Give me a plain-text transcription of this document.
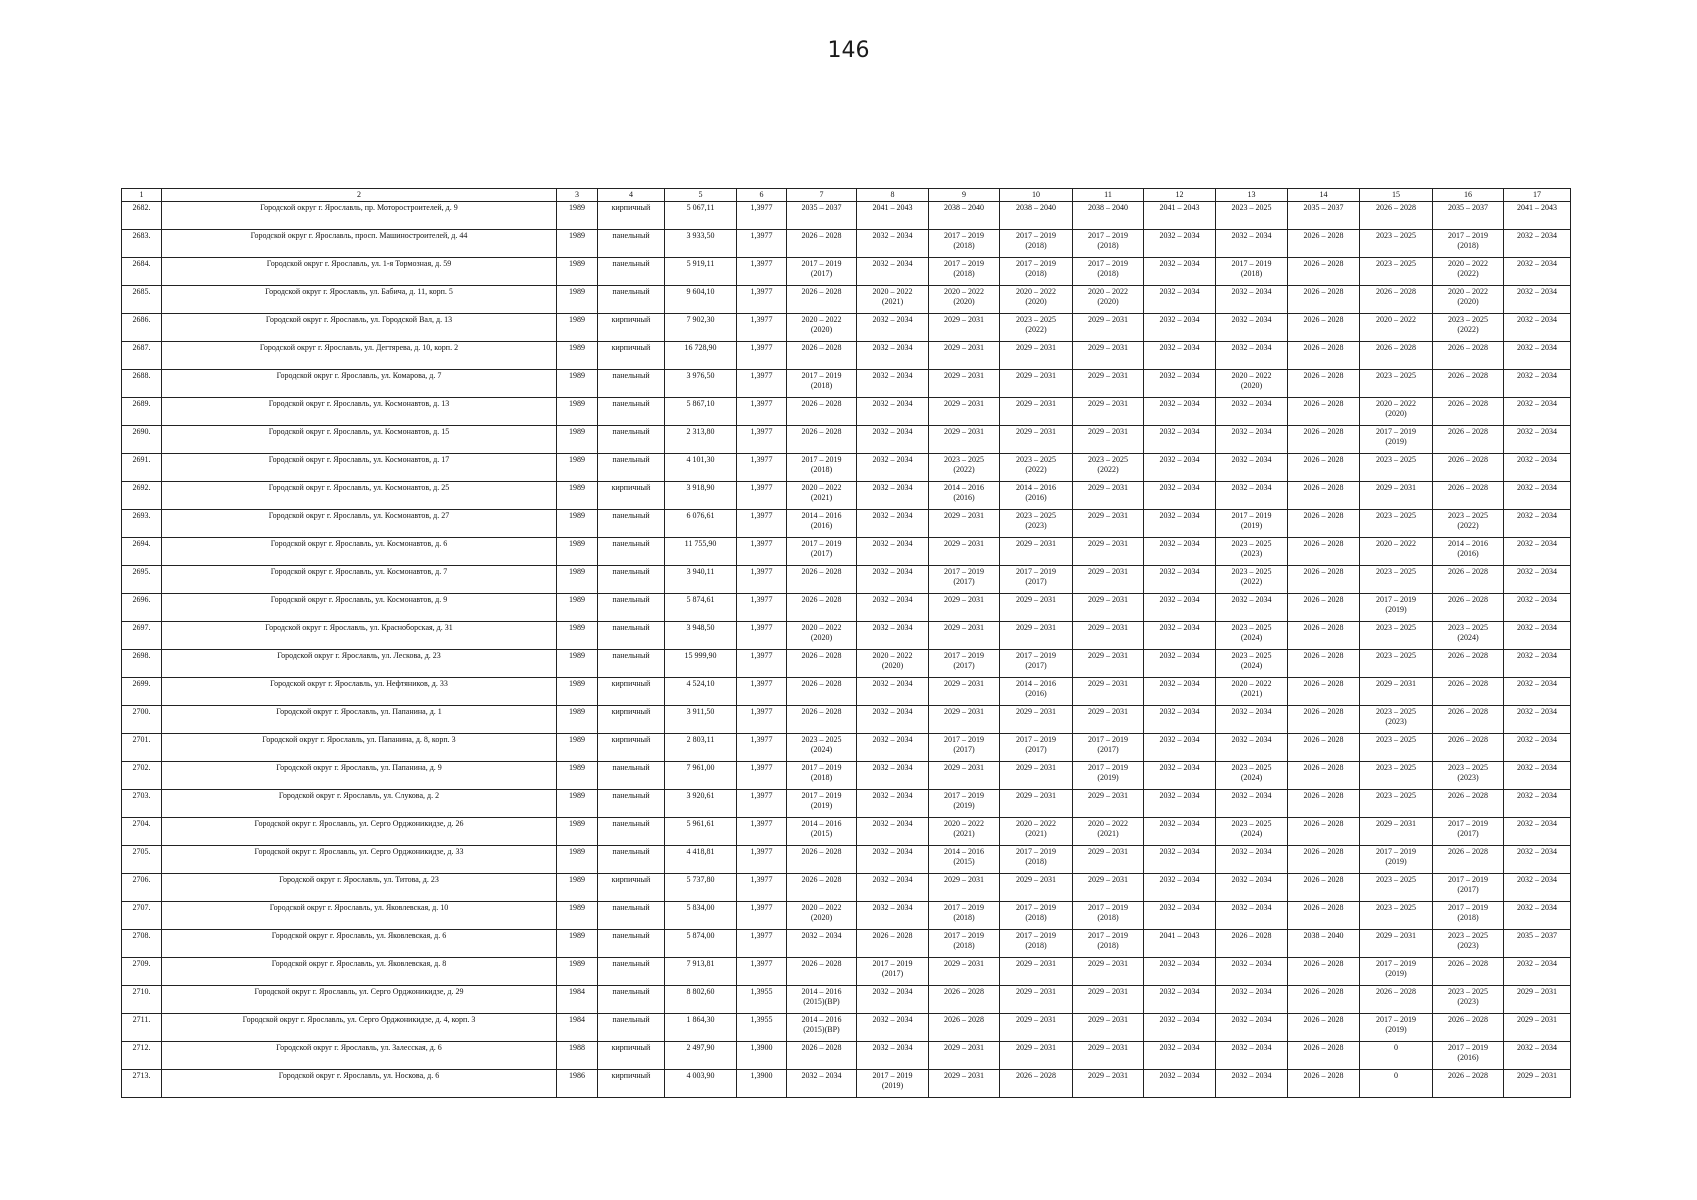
146
1	2	3	4	5	6	7	8	9	10	11	12	13	14	15	16	17

2682.	Городской округ г. Ярославль, пр. Моторостроителей, д. 9	1989	кирпичный	5 067,11	1,3977	2035 – 2037	2041 – 2043	2038 – 2040	2038 – 2040	2038 – 2040	2041 – 2043	2023 – 2025	2035 – 2037	2026 – 2028	2035 – 2037	2041 – 2043

2683.	Городской округ г. Ярославль, просп. Машиностроителей, д. 44	1989	панельный	3 933,50	1,3977	2026 – 2028	2032 – 2034	2017 – 2019
(2018)	2017 – 2019
(2018)	2017 – 2019
(2018)	2032 – 2034	2032 – 2034	2026 – 2028	2023 – 2025	2017 – 2019
(2018)	2032 – 2034

2684.	Городской округ г. Ярославль, ул. 1-я Тормозная, д. 59	1989	панельный	5 919,11	1,3977	2017 – 2019
(2017)	2032 – 2034	2017 – 2019
(2018)	2017 – 2019
(2018)	2017 – 2019
(2018)	2032 – 2034	2017 – 2019
(2018)	2026 – 2028	2023 – 2025	2020 – 2022
(2022)	2032 – 2034

2685.	Городской округ г. Ярославль, ул. Бабича, д. 11, корп. 5	1989	панельный	9 604,10	1,3977	2026 – 2028	2020 – 2022
(2021)	2020 – 2022
(2020)	2020 – 2022
(2020)	2020 – 2022
(2020)	2032 – 2034	2032 – 2034	2026 – 2028	2026 – 2028	2020 – 2022
(2020)	2032 – 2034

2686.	Городской округ г. Ярославль, ул. Городской Вал, д. 13	1989	кирпичный	7 902,30	1,3977	2020 – 2022
(2020)	2032 – 2034	2029 – 2031	2023 – 2025
(2022)	2029 – 2031	2032 – 2034	2032 – 2034	2026 – 2028	2020 – 2022	2023 – 2025
(2022)	2032 – 2034

2687.	Городской округ г. Ярославль, ул. Дегтярева, д. 10, корп. 2	1989	кирпичный	16 728,90	1,3977	2026 – 2028	2032 – 2034	2029 – 2031	2029 – 2031	2029 – 2031	2032 – 2034	2032 – 2034	2026 – 2028	2026 – 2028	2026 – 2028	2032 – 2034

2688.	Городской округ г. Ярославль, ул. Комарова, д. 7	1989	панельный	3 976,50	1,3977	2017 – 2019
(2018)	2032 – 2034	2029 – 2031	2029 – 2031	2029 – 2031	2032 – 2034	2020 – 2022
(2020)	2026 – 2028	2023 – 2025	2026 – 2028	2032 – 2034

2689.	Городской округ г. Ярославль, ул. Космонавтов, д. 13	1989	панельный	5 867,10	1,3977	2026 – 2028	2032 – 2034	2029 – 2031	2029 – 2031	2029 – 2031	2032 – 2034	2032 – 2034	2026 – 2028	2020 – 2022
(2020)	2026 – 2028	2032 – 2034

2690.	Городской округ г. Ярославль, ул. Космонавтов, д. 15	1989	панельный	2 313,80	1,3977	2026 – 2028	2032 – 2034	2029 – 2031	2029 – 2031	2029 – 2031	2032 – 2034	2032 – 2034	2026 – 2028	2017 – 2019
(2019)	2026 – 2028	2032 – 2034

2691.	Городской округ г. Ярославль, ул. Космонавтов, д. 17	1989	панельный	4 101,30	1,3977	2017 – 2019
(2018)	2032 – 2034	2023 – 2025
(2022)	2023 – 2025
(2022)	2023 – 2025
(2022)	2032 – 2034	2032 – 2034	2026 – 2028	2023 – 2025	2026 – 2028	2032 – 2034

2692.	Городской округ г. Ярославль, ул. Космонавтов, д. 25	1989	кирпичный	3 918,90	1,3977	2020 – 2022
(2021)	2032 – 2034	2014 – 2016
(2016)	2014 – 2016
(2016)	2029 – 2031	2032 – 2034	2032 – 2034	2026 – 2028	2029 – 2031	2026 – 2028	2032 – 2034

2693.	Городской округ г. Ярославль, ул. Космонавтов, д. 27	1989	панельный	6 076,61	1,3977	2014 – 2016
(2016)	2032 – 2034	2029 – 2031	2023 – 2025
(2023)	2029 – 2031	2032 – 2034	2017 – 2019
(2019)	2026 – 2028	2023 – 2025	2023 – 2025
(2022)	2032 – 2034

2694.	Городской округ г. Ярославль, ул. Космонавтов, д. 6	1989	панельный	11 755,90	1,3977	2017 – 2019
(2017)	2032 – 2034	2029 – 2031	2029 – 2031	2029 – 2031	2032 – 2034	2023 – 2025
(2023)	2026 – 2028	2020 – 2022	2014 – 2016
(2016)	2032 – 2034

2695.	Городской округ г. Ярославль, ул. Космонавтов, д. 7	1989	панельный	3 940,11	1,3977	2026 – 2028	2032 – 2034	2017 – 2019
(2017)	2017 – 2019
(2017)	2029 – 2031	2032 – 2034	2023 – 2025
(2022)	2026 – 2028	2023 – 2025	2026 – 2028	2032 – 2034

2696.	Городской округ г. Ярославль, ул. Космонавтов, д. 9	1989	панельный	5 874,61	1,3977	2026 – 2028	2032 – 2034	2029 – 2031	2029 – 2031	2029 – 2031	2032 – 2034	2032 – 2034	2026 – 2028	2017 – 2019
(2019)	2026 – 2028	2032 – 2034

2697.	Городской округ г. Ярославль, ул. Красноборская, д. 31	1989	панельный	3 948,50	1,3977	2020 – 2022
(2020)	2032 – 2034	2029 – 2031	2029 – 2031	2029 – 2031	2032 – 2034	2023 – 2025
(2024)	2026 – 2028	2023 – 2025	2023 – 2025
(2024)	2032 – 2034

2698.	Городской округ г. Ярославль, ул. Лескова, д. 23	1989	панельный	15 999,90	1,3977	2026 – 2028	2020 – 2022
(2020)	2017 – 2019
(2017)	2017 – 2019
(2017)	2029 – 2031	2032 – 2034	2023 – 2025
(2024)	2026 – 2028	2023 – 2025	2026 – 2028	2032 – 2034

2699.	Городской округ г. Ярославль, ул. Нефтяников, д. 33	1989	кирпичный	4 524,10	1,3977	2026 – 2028	2032 – 2034	2029 – 2031	2014 – 2016
(2016)	2029 – 2031	2032 – 2034	2020 – 2022
(2021)	2026 – 2028	2029 – 2031	2026 – 2028	2032 – 2034

2700.	Городской округ г. Ярославль, ул. Папанина, д. 1	1989	кирпичный	3 911,50	1,3977	2026 – 2028	2032 – 2034	2029 – 2031	2029 – 2031	2029 – 2031	2032 – 2034	2032 – 2034	2026 – 2028	2023 – 2025
(2023)	2026 – 2028	2032 – 2034

2701.	Городской округ г. Ярославль, ул. Папанина, д. 8, корп. 3	1989	кирпичный	2 803,11	1,3977	2023 – 2025
(2024)	2032 – 2034	2017 – 2019
(2017)	2017 – 2019
(2017)	2017 – 2019
(2017)	2032 – 2034	2032 – 2034	2026 – 2028	2023 – 2025	2026 – 2028	2032 – 2034

2702.	Городской округ г. Ярославль, ул. Папанина, д. 9	1989	панельный	7 961,00	1,3977	2017 – 2019
(2018)	2032 – 2034	2029 – 2031	2029 – 2031	2017 – 2019
(2019)	2032 – 2034	2023 – 2025
(2024)	2026 – 2028	2023 – 2025	2023 – 2025
(2023)	2032 – 2034

2703.	Городской округ г. Ярославль, ул. Слукова, д. 2	1989	панельный	3 920,61	1,3977	2017 – 2019
(2019)	2032 – 2034	2017 – 2019
(2019)	2029 – 2031	2029 – 2031	2032 – 2034	2032 – 2034	2026 – 2028	2023 – 2025	2026 – 2028	2032 – 2034

2704.	Городской округ г. Ярославль, ул. Серго Орджоникидзе, д. 26	1989	панельный	5 961,61	1,3977	2014 – 2016
(2015)	2032 – 2034	2020 – 2022
(2021)	2020 – 2022
(2021)	2020 – 2022
(2021)	2032 – 2034	2023 – 2025
(2024)	2026 – 2028	2029 – 2031	2017 – 2019
(2017)	2032 – 2034

2705.	Городской округ г. Ярославль, ул. Серго Орджоникидзе, д. 33	1989	панельный	4 418,81	1,3977	2026 – 2028	2032 – 2034	2014 – 2016
(2015)	2017 – 2019
(2018)	2029 – 2031	2032 – 2034	2032 – 2034	2026 – 2028	2017 – 2019
(2019)	2026 – 2028	2032 – 2034

2706.	Городской округ г. Ярославль, ул. Титова, д. 23	1989	кирпичный	5 737,80	1,3977	2026 – 2028	2032 – 2034	2029 – 2031	2029 – 2031	2029 – 2031	2032 – 2034	2032 – 2034	2026 – 2028	2023 – 2025	2017 – 2019
(2017)	2032 – 2034

2707.	Городской округ г. Ярославль, ул. Яковлевская, д. 10	1989	панельный	5 834,00	1,3977	2020 – 2022
(2020)	2032 – 2034	2017 – 2019
(2018)	2017 – 2019
(2018)	2017 – 2019
(2018)	2032 – 2034	2032 – 2034	2026 – 2028	2023 – 2025	2017 – 2019
(2018)	2032 – 2034

2708.	Городской округ г. Ярославль, ул. Яковлевская, д. 6	1989	панельный	5 874,00	1,3977	2032 – 2034	2026 – 2028	2017 – 2019
(2018)	2017 – 2019
(2018)	2017 – 2019
(2018)	2041 – 2043	2026 – 2028	2038 – 2040	2029 – 2031	2023 – 2025
(2023)	2035 – 2037

2709.	Городской округ г. Ярославль, ул. Яковлевская, д. 8	1989	панельный	7 913,81	1,3977	2026 – 2028	2017 – 2019
(2017)	2029 – 2031	2029 – 2031	2029 – 2031	2032 – 2034	2032 – 2034	2026 – 2028	2017 – 2019
(2019)	2026 – 2028	2032 – 2034

2710.	Городской округ г. Ярославль, ул. Серго Орджоникидзе, д. 29	1984	панельный	8 802,60	1,3955	2014 – 2016
(2015)(ВР)	2032 – 2034	2026 – 2028	2029 – 2031	2029 – 2031	2032 – 2034	2032 – 2034	2026 – 2028	2026 – 2028	2023 – 2025
(2023)	2029 – 2031

2711.	Городской округ г. Ярославль, ул. Серго Орджоникидзе, д. 4, корп. 3	1984	панельный	1 864,30	1,3955	2014 – 2016
(2015)(ВР)	2032 – 2034	2026 – 2028	2029 – 2031	2029 – 2031	2032 – 2034	2032 – 2034	2026 – 2028	2017 – 2019
(2019)	2026 – 2028	2029 – 2031

2712.	Городской округ г. Ярославль, ул. Залесская, д. 6	1988	кирпичный	2 497,90	1,3900	2026 – 2028	2032 – 2034	2029 – 2031	2029 – 2031	2029 – 2031	2032 – 2034	2032 – 2034	2026 – 2028	0	2017 – 2019
(2016)	2032 – 2034

2713.	Городской округ г. Ярославль, ул. Носкова, д. 6	1986	кирпичный	4 003,90	1,3900	2032 – 2034	2017 – 2019
(2019)	2029 – 2031	2026 – 2028	2029 – 2031	2032 – 2034	2032 – 2034	2026 – 2028	0	2026 – 2028	2029 – 2031
